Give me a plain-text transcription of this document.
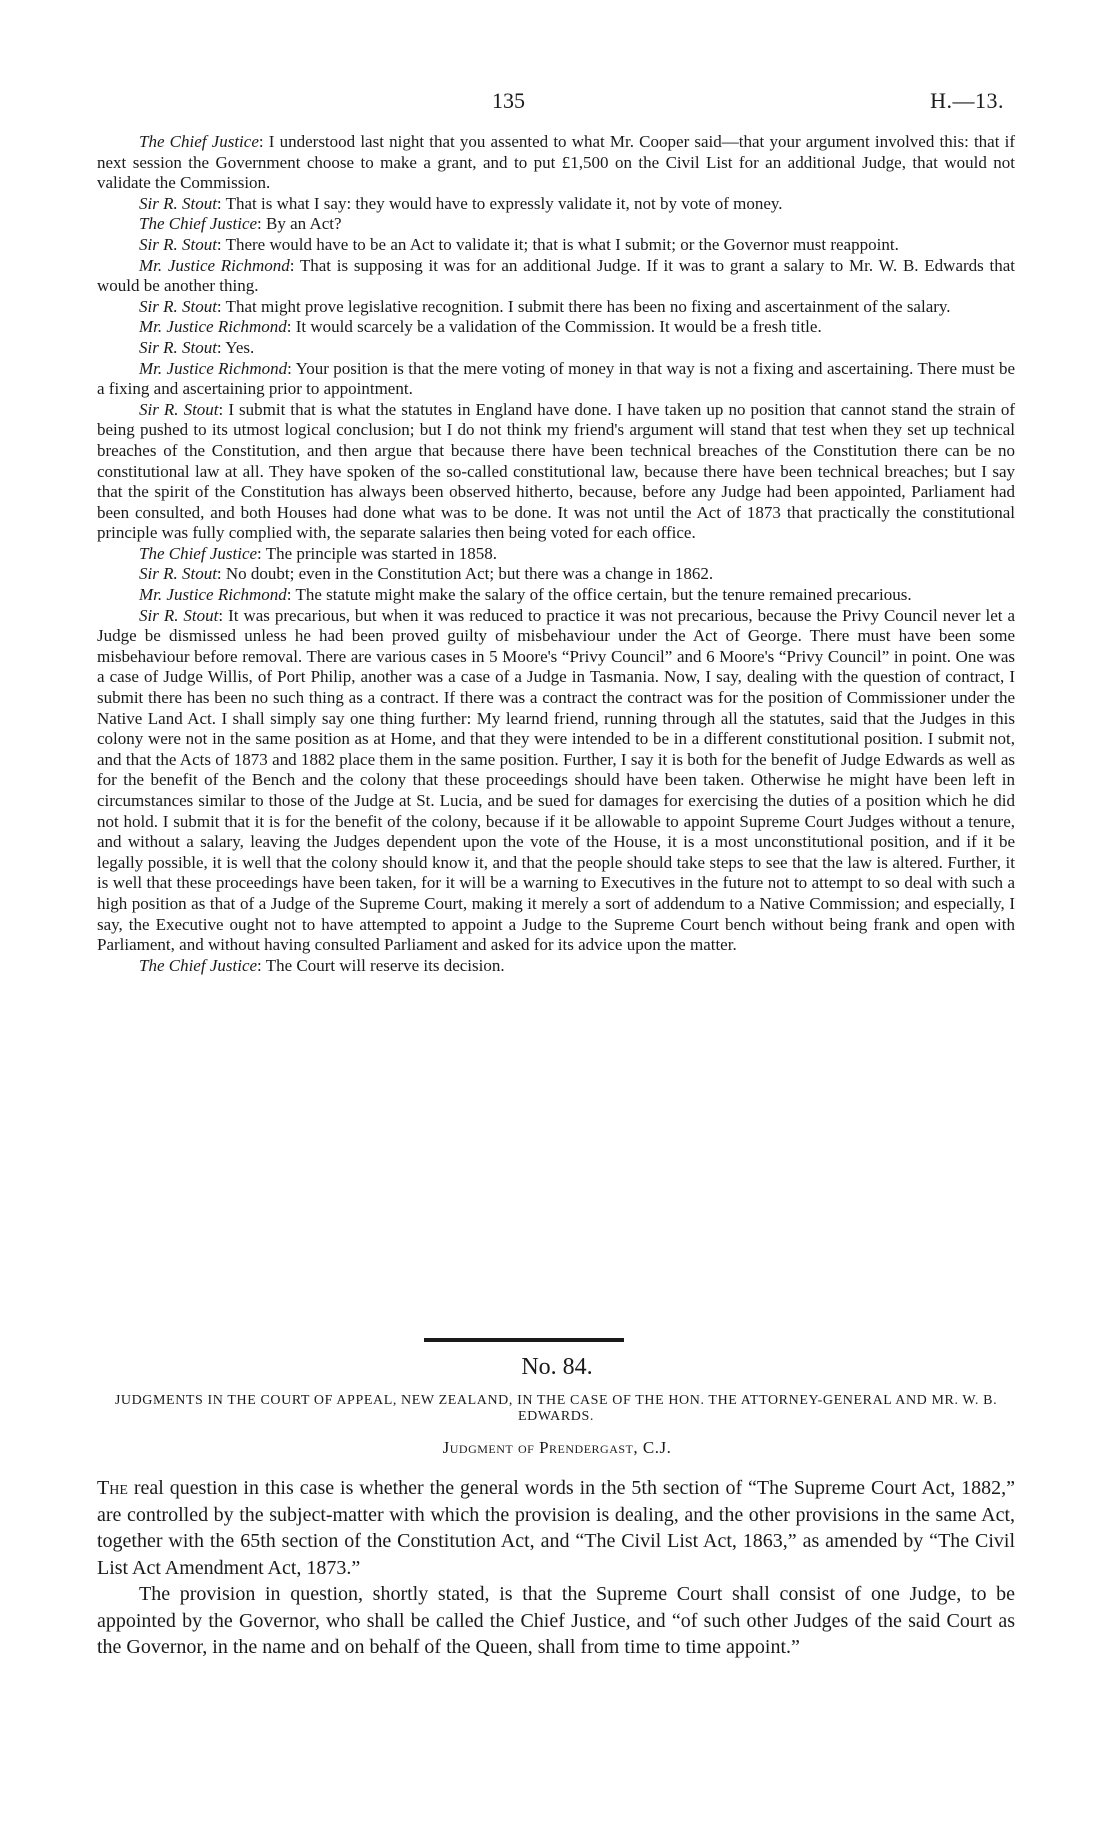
135	H.—13.

The Chief Justice: I understood last night that you assented to what Mr. Cooper said—that your argument involved this: that if next session the Government choose to make a grant, and to put £1,500 on the Civil List for an additional Judge, that would not validate the Commission.

Sir R. Stout: That is what I say: they would have to expressly validate it, not by vote of money.

The Chief Justice: By an Act?

Sir R. Stout: There would have to be an Act to validate it; that is what I submit; or the Governor must reappoint.

Mr. Justice Richmond: That is supposing it was for an additional Judge. If it was to grant a salary to Mr. W. B. Edwards that would be another thing.

Sir R. Stout: That might prove legislative recognition. I submit there has been no fixing and ascertainment of the salary.

Mr. Justice Richmond: It would scarcely be a validation of the Commission. It would be a fresh title.

Sir R. Stout: Yes.

Mr. Justice Richmond: Your position is that the mere voting of money in that way is not a fixing and ascertaining. There must be a fixing and ascertaining prior to appointment.

Sir R. Stout: I submit that is what the statutes in England have done. I have taken up no position that cannot stand the strain of being pushed to its utmost logical conclusion; but I do not think my friend's argument will stand that test when they set up technical breaches of the Constitution, and then argue that because there have been technical breaches of the Constitution there can be no constitutional law at all. They have spoken of the so-called constitutional law, because there have been technical breaches; but I say that the spirit of the Constitution has always been observed hitherto, because, before any Judge had been appointed, Parliament had been consulted, and both Houses had done what was to be done. It was not until the Act of 1873 that practically the constitutional principle was fully complied with, the separate salaries then being voted for each office.

The Chief Justice: The principle was started in 1858.

Sir R. Stout: No doubt; even in the Constitution Act; but there was a change in 1862.

Mr. Justice Richmond: The statute might make the salary of the office certain, but the tenure remained precarious.

Sir R. Stout: It was precarious, but when it was reduced to practice it was not precarious, because the Privy Council never let a Judge be dismissed unless he had been proved guilty of misbehaviour under the Act of George. There must have been some misbehaviour before removal. There are various cases in 5 Moore's “Privy Council” and 6 Moore's “Privy Council” in point. One was a case of Judge Willis, of Port Philip, another was a case of a Judge in Tasmania. Now, I say, dealing with the question of contract, I submit there has been no such thing as a contract. If there was a contract the contract was for the position of Commissioner under the Native Land Act. I shall simply say one thing further: My learnd friend, running through all the statutes, said that the Judges in this colony were not in the same position as at Home, and that they were intended to be in a different constitutional position. I submit not, and that the Acts of 1873 and 1882 place them in the same position. Further, I say it is both for the benefit of Judge Edwards as well as for the benefit of the Bench and the colony that these proceedings should have been taken. Otherwise he might have been left in circumstances similar to those of the Judge at St. Lucia, and be sued for damages for exercising the duties of a position which he did not hold. I submit that it is for the benefit of the colony, because if it be allowable to appoint Supreme Court Judges without a tenure, and without a salary, leaving the Judges dependent upon the vote of the House, it is a most unconstitutional position, and if it be legally possible, it is well that the colony should know it, and that the people should take steps to see that the law is altered. Further, it is well that these proceedings have been taken, for it will be a warning to Executives in the future not to attempt to so deal with such a high position as that of a Judge of the Supreme Court, making it merely a sort of addendum to a Native Commission; and especially, I say, the Executive ought not to have attempted to appoint a Judge to the Supreme Court bench without being frank and open with Parliament, and without having consulted Parliament and asked for its advice upon the matter.

The Chief Justice: The Court will reserve its decision.

No. 84.
JUDGMENTS IN THE COURT OF APPEAL, NEW ZEALAND, IN THE CASE OF THE HON. THE ATTORNEY-GENERAL AND MR. W. B. EDWARDS.
Judgment of Prendergast, C.J.

The real question in this case is whether the general words in the 5th section of “The Supreme Court Act, 1882,” are controlled by the subject-matter with which the provision is dealing, and the other provisions in the same Act, together with the 65th section of the Constitution Act, and “The Civil List Act, 1863,” as amended by “The Civil List Act Amendment Act, 1873.”

The provision in question, shortly stated, is that the Supreme Court shall consist of one Judge, to be appointed by the Governor, who shall be called the Chief Justice, and “of such other Judges of the said Court as the Governor, in the name and on behalf of the Queen, shall from time to time appoint.”
